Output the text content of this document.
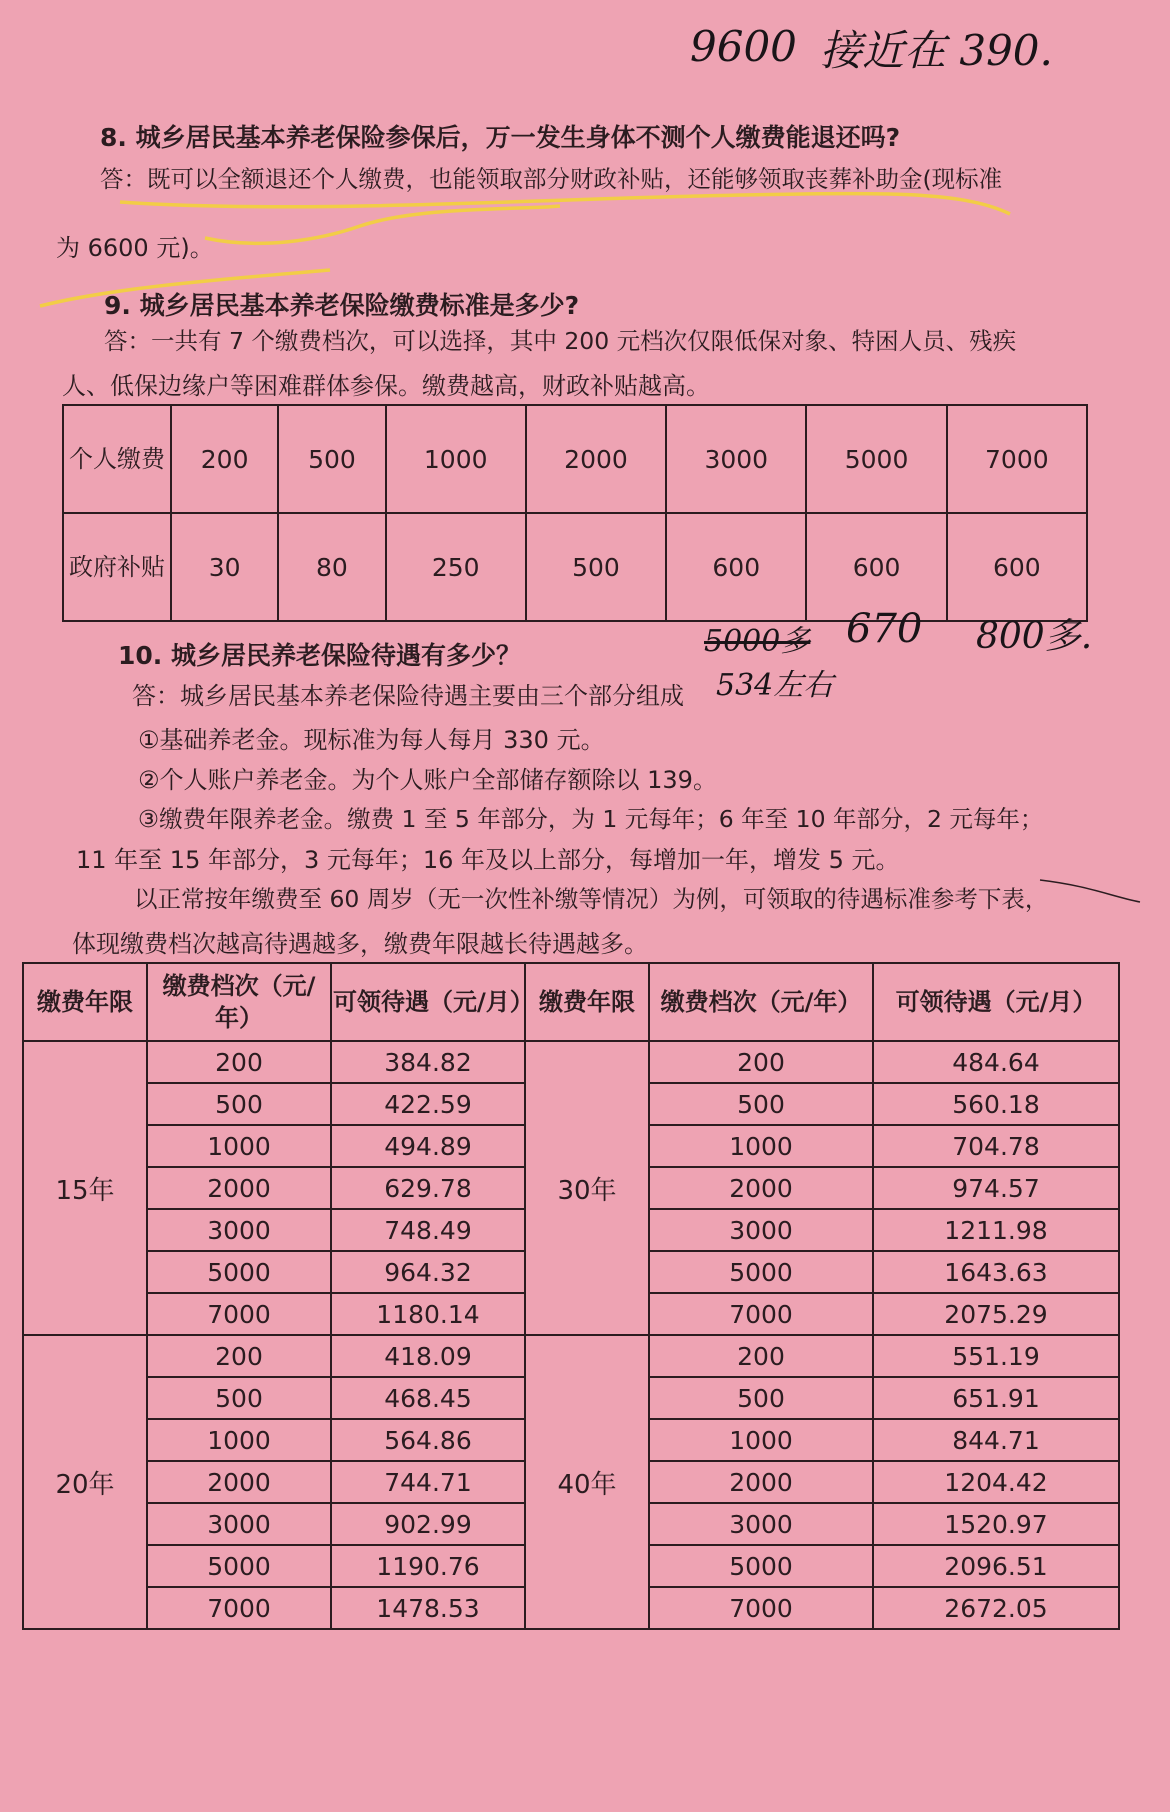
9600 接近在 390.
8. 城乡居民基本养老保险参保后，万一发生身体不测个人缴费能退还吗?
答：既可以全额退还个人缴费，也能领取部分财政补贴，还能够领取丧葬补助金(现标准
为 6600 元)。
9. 城乡居民基本养老保险缴费标准是多少?
答：一共有 7 个缴费档次，可以选择，其中 200 元档次仅限低保对象、特困人员、残疾
人、低保边缘户等困难群体参保。缴费越高，财政补贴越高。
个人缴费	200	500	1000	2000	3000	5000	7000
政府补贴	30	80	250	500	600	600	600
10. 城乡居民养老保险待遇有多少？	5000多 670 800多.
534左右
答：城乡居民基本养老保险待遇主要由三个部分组成
①基础养老金。现标准为每人每月 330 元。
②个人账户养老金。为个人账户全部储存额除以 139。
③缴费年限养老金。缴费 1 至 5 年部分，为 1 元每年；6 年至 10 年部分，2 元每年；
11 年至 15 年部分，3 元每年；16 年及以上部分，每增加一年，增发 5 元。
以正常按年缴费至 60 周岁（无一次性补缴等情况）为例，可领取的待遇标准参考下表，
体现缴费档次越高待遇越多，缴费年限越长待遇越多。
缴费年限	缴费档次（元/年）	可领待遇（元/月）	缴费年限	缴费档次（元/年）	可领待遇（元/月）
15年	200	384.82	30年	200	484.64
	500	422.59		500	560.18
	1000	494.89		1000	704.78
	2000	629.78		2000	974.57
	3000	748.49		3000	1211.98
	5000	964.32		5000	1643.63
	7000	1180.14		7000	2075.29
20年	200	418.09	40年	200	551.19
	500	468.45		500	651.91
	1000	564.86		1000	844.71
	2000	744.71		2000	1204.42
	3000	902.99		3000	1520.97
	5000	1190.76		5000	2096.51
	7000	1478.53		7000	2672.05
